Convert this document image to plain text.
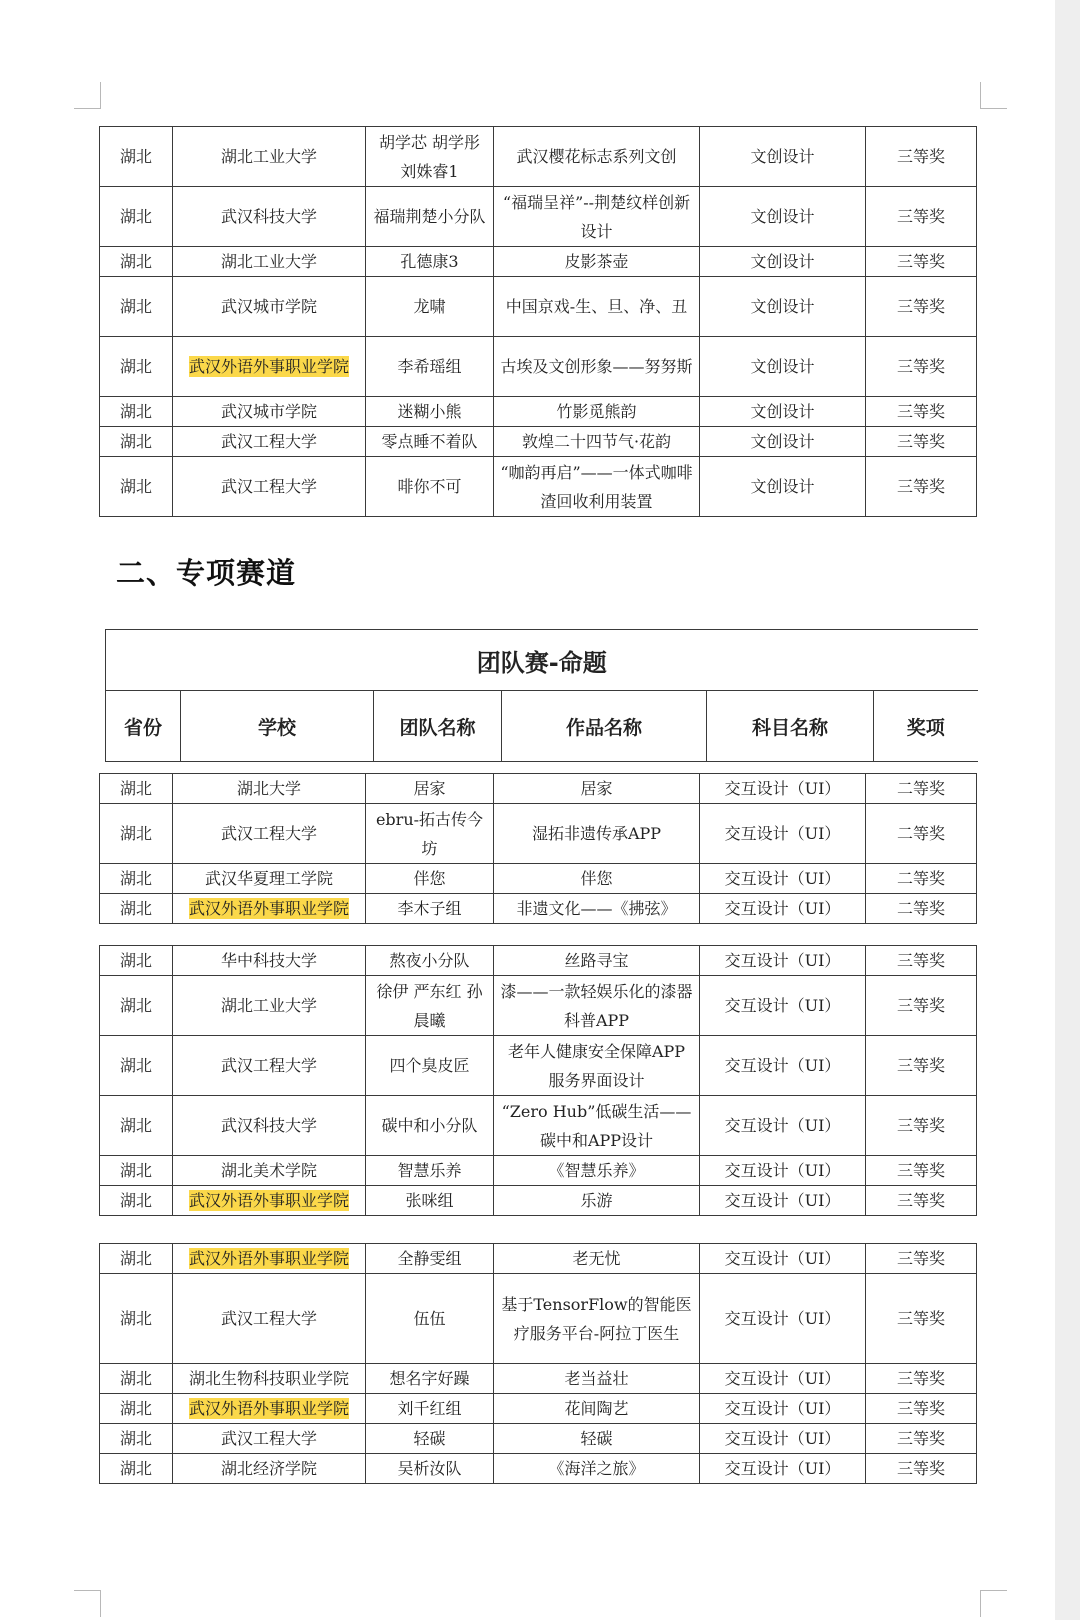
湖北	湖北工业大学	胡学芯 胡学彤 刘姝睿1	武汉樱花标志系列文创	文创设计	三等奖
湖北	武汉科技大学	福瑞荆楚小分队	“福瑞呈祥”--荆楚纹样创新设计	文创设计	三等奖
湖北	湖北工业大学	孔德康3	皮影茶壶	文创设计	三等奖
湖北	武汉城市学院	龙啸	中国京戏-生、旦、净、丑	文创设计	三等奖
湖北	武汉外语外事职业学院	李希瑶组	古埃及文创形象——努努斯	文创设计	三等奖
湖北	武汉城市学院	迷糊小熊	竹影觅熊韵	文创设计	三等奖
湖北	武汉工程大学	零点睡不着队	敦煌二十四节气·花韵	文创设计	三等奖
湖北	武汉工程大学	啡你不可	“咖韵再启”——一体式咖啡渣回收利用装置	文创设计	三等奖
二、专项赛道
团队赛-命题
省份	学校	团队名称	作品名称	科目名称	奖项
湖北	湖北大学	居家	居家	交互设计（UI）	二等奖
湖北	武汉工程大学	ebru-拓古传今坊	湿拓非遗传承APP	交互设计（UI）	二等奖
湖北	武汉华夏理工学院	伴您	伴您	交互设计（UI）	二等奖
湖北	武汉外语外事职业学院	李木子组	非遗文化——《拂弦》	交互设计（UI）	二等奖
湖北	华中科技大学	熬夜小分队	丝路寻宝	交互设计（UI）	三等奖
湖北	湖北工业大学	徐伊 严东红 孙晨曦	漆——一款轻娱乐化的漆器科普APP	交互设计（UI）	三等奖
湖北	武汉工程大学	四个臭皮匠	老年人健康安全保障APP服务界面设计	交互设计（UI）	三等奖
湖北	武汉科技大学	碳中和小分队	“Zero Hub”低碳生活——碳中和APP设计	交互设计（UI）	三等奖
湖北	湖北美术学院	智慧乐养	《智慧乐养》	交互设计（UI）	三等奖
湖北	武汉外语外事职业学院	张咪组	乐游	交互设计（UI）	三等奖
湖北	武汉外语外事职业学院	全静雯组	老无忧	交互设计（UI）	三等奖
湖北	武汉工程大学	伍伍	基于TensorFlow的智能医疗服务平台-阿拉丁医生	交互设计（UI）	三等奖
湖北	湖北生物科技职业学院	想名字好躁	老当益壮	交互设计（UI）	三等奖
湖北	武汉外语外事职业学院	刘千红组	花间陶艺	交互设计（UI）	三等奖
湖北	武汉工程大学	轻碳	轻碳	交互设计（UI）	三等奖
湖北	湖北经济学院	吴析汝队	《海洋之旅》	交互设计（UI）	三等奖
